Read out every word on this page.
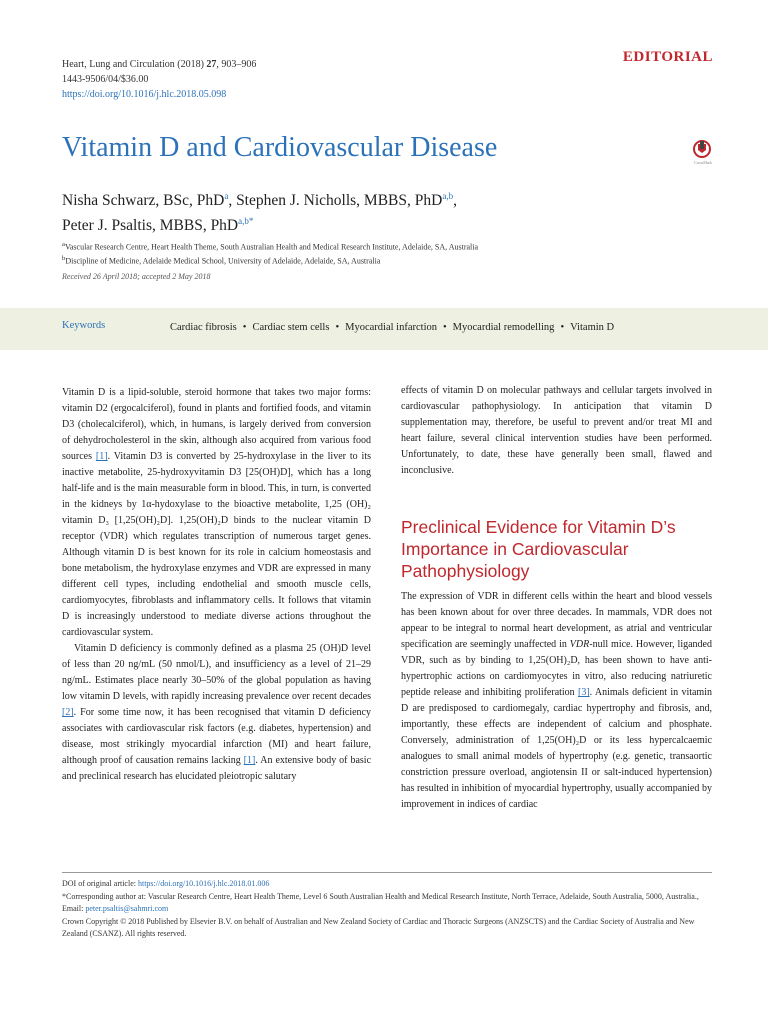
Heart, Lung and Circulation (2018) 27, 903–906
1443-9506/04/$36.00
https://doi.org/10.1016/j.hlc.2018.05.098
EDITORIAL
Vitamin D and Cardiovascular Disease	CrossMark
Nisha Schwarz, BSc, PhD$^a$, Stephen J. Nicholls, MBBS, PhD$^{a,b}$,
Peter J. Psaltis, MBBS, PhD$^{a,b*}$
$^a$Vascular Research Centre, Heart Health Theme, South Australian Health and Medical Research Institute, Adelaide, SA, Australia
$^b$Discipline of Medicine, Adelaide Medical School, University of Adelaide, Adelaide, SA, Australia
Received 26 April 2018; accepted 2 May 2018
Keywords	Cardiac fibrosis • Cardiac stem cells • Myocardial infarction • Myocardial remodelling • Vitamin D

Vitamin D is a lipid-soluble, steroid hormone that takes two major forms: vitamin D2 (ergocalciferol), found in plants and fortified foods, and vitamin D3 (cholecalciferol), which, in humans, is largely derived from conversion of dehydrocholesterol in the skin, although also acquired from various food sources [1]. Vitamin D3 is converted by 25-hydroxylase in the liver to its inactive metabolite, 25-hydroxyvitamin D3 [25(OH)D], which has a long half-life and is the main measurable form in blood. This, in turn, is converted in the kidneys by 1α-hydoxylase to the bioactive metabolite, 1,25 (OH)₂ vitamin D₃ [1,25(OH)₂D]. 1,25(OH)₂D binds to the nuclear vitamin D receptor (VDR) which regulates transcription of numerous target genes. Although vitamin D is best known for its role in calcium homeostasis and bone metabolism, the hydroxylase enzymes and VDR are expressed in many different cell types, including endothelial and smooth muscle cells, cardiomyocytes, fibroblasts and inflammatory cells. It follows that vitamin D is increasingly understood to mediate diverse actions throughout the cardiovascular system.

Vitamin D deficiency is commonly defined as a plasma 25 (OH)D level of less than 20 ng/mL (50 nmol/L), and insufficiency as a level of 21–29 ng/mL. Estimates place nearly 30–50% of the global population as having low vitamin D levels, with rapidly increasing prevalence over recent decades [2]. For some time now, it has been recognised that vitamin D deficiency associates with cardiovascular risk factors (e.g. diabetes, hypertension) and disease, most strikingly myocardial infarction (MI) and heart failure, although proof of causation remains lacking [1]. An extensive body of basic and preclinical research has elucidated pleiotropic salutary

effects of vitamin D on molecular pathways and cellular targets involved in cardiovascular pathophysiology. In anticipation that vitamin D supplementation may, therefore, be useful to prevent and/or treat MI and heart failure, several clinical intervention studies have been performed. Unfortunately, to date, these have generally been small, flawed and inconclusive.

Preclinical Evidence for Vitamin D’s Importance in Cardiovascular Pathophysiology

The expression of VDR in different cells within the heart and blood vessels has been known about for over three decades. In mammals, VDR does not appear to be integral to normal heart development, as atrial and ventricular specification are seemingly unaffected in VDR-null mice. However, liganded VDR, such as by binding to 1,25(OH)₂D, has been shown to have anti-hypertrophic actions on cardiomyocytes in vitro, also reducing natriuretic peptide release and inhibiting proliferation [3]. Animals deficient in vitamin D are predisposed to cardiomegaly, cardiac hypertrophy and fibrosis, and, importantly, these effects are independent of calcium and phosphate. Conversely, administration of 1,25(OH)₂D or its less hypercalcaemic analogues to small animal models of hypertrophy (e.g. genetic, transaortic constriction pressure overload, angiotensin II or salt-induced hypertension) has resulted in inhibition of myocardial hypertrophy, usually accompanied by improvement in indices of cardiac

DOI of original article: https://doi.org/10.1016/j.hlc.2018.01.006

*Corresponding author at: Vascular Research Centre, Heart Health Theme, Level 6 South Australian Health and Medical Research Institute, North Terrace, Adelaide, South Australia, 5000, Australia., Email: peter.psaltis@sahmri.com

Crown Copyright © 2018 Published by Elsevier B.V. on behalf of Australian and New Zealand Society of Cardiac and Thoracic Surgeons (ANZSCTS) and the Cardiac Society of Australia and New Zealand (CSANZ). All rights reserved.
